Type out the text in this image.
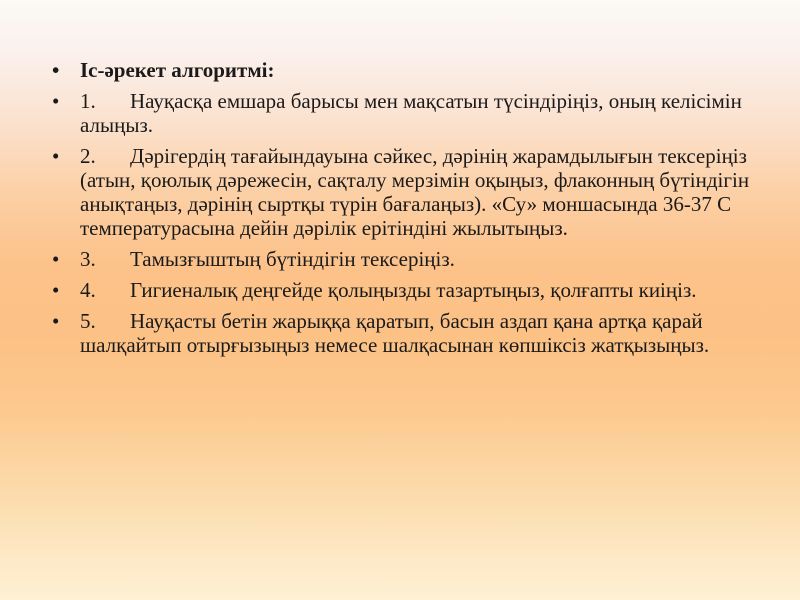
• Іс-әрекет алгоритмі:
• 1. Науқасқа емшара барысы мен мақсатын түсіндіріңіз, оның келісімін алыңыз.
• 2. Дәрігердің тағайындауына сәйкес, дәрінің жарамдылығын тексеріңіз (атын, қоюлық дәрежесін, сақталу мерзімін оқыңыз, флаконның бүтіндігін анықтаңыз, дәрінің сыртқы түрін бағалаңыз). «Су» моншасында 36-37 С температурасына дейін дәрілік ерітіндіні жылытыңыз.
• 3. Тамызғыштың бүтіндігін тексеріңіз.
• 4. Гигиеналық деңгейде қолыңызды тазартыңыз, қолғапты киіңіз.
• 5. Науқасты бетін жарыққа қаратып, басын аздап қана артқа қарай шалқайтып отырғызыңыз немесе шалқасынан көпшіксіз жатқызыңыз.
